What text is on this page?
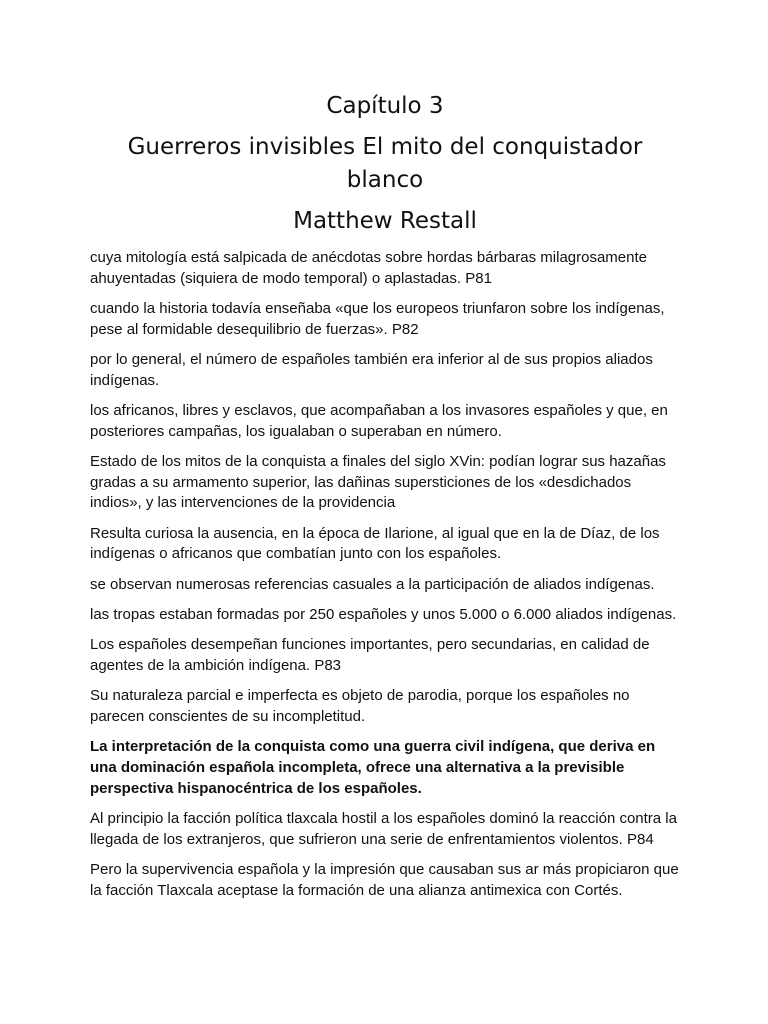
Capítulo 3
Guerreros invisibles El mito del conquistador blanco
Matthew Restall

cuya mitología está salpicada de anécdotas sobre hordas bárbaras milagrosamente ahuyentadas (siquiera de modo temporal) o aplastadas. P81

cuando la historia todavía enseñaba «que los europeos triunfaron sobre los indígenas, pese al formidable desequilibrio de fuerzas». P82

por lo general, el número de españoles también era inferior al de sus propios aliados indígenas.

los africanos, libres y esclavos, que acompañaban a los invasores españoles y que, en posteriores campañas, los igualaban o superaban en número.

Estado de los mitos de la conquista a finales del siglo XVin: podían lograr sus hazañas gradas a su armamento superior, las dañinas supersticiones de los «desdichados indios», y las intervenciones de la providencia

Resulta curiosa la ausencia, en la época de Ilarione, al igual que en la de Díaz, de los indígenas o africanos que combatían junto con los españoles.

se observan numerosas referencias casuales a la participación de aliados indígenas.

las tropas estaban formadas por 250 españoles y unos 5.000 o 6.000 aliados indígenas.

Los españoles desempeñan funciones importantes, pero secundarias, en calidad de agentes de la ambición indígena. P83

Su naturaleza parcial e imperfecta es objeto de parodia, porque los españoles no parecen conscientes de su incompletitud.

La interpretación de la conquista como una guerra civil indígena, que deriva en una dominación española incompleta, ofrece una alternativa a la previsible perspectiva hispanocéntrica de los españoles.

Al principio la facción política tlaxcala hostil a los españoles dominó la reacción contra la llegada de los extranjeros, que sufrieron una serie de enfrentamientos violentos. P84

Pero la supervivencia española y la impresión que causaban sus ar más propiciaron que la facción Tlaxcala aceptase la formación de una alianza antimexica con Cortés.
